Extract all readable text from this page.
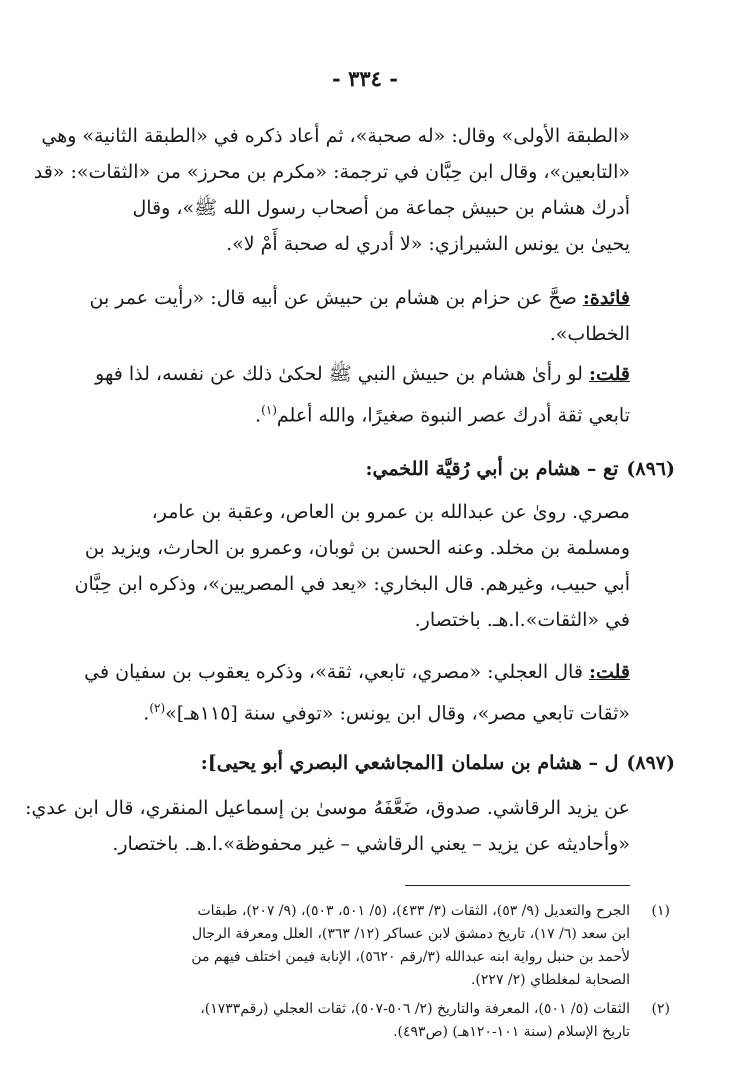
- ٣٣٤ -
«الطبقة الأولى» وقال: «له صحبة»، ثم أعاد ذكره في «الطبقة الثانية» وهي
«التابعين»، وقال ابن حِبَّان في ترجمة: «مكرم بن محرز» من «الثقات»: «قد
أدرك هشام بن حبيش جماعة من أصحاب رسول الله ﷺ»، وقال
يحيىٰ بن يونس الشيرازي: «لا أدري له صحبة أَمْ لا».
فائدة: صحَّ عن حزام بن هشام بن حبيش عن أبيه قال: «رأيت عمر بن
الخطاب».
قلت: لو رأىٰ هشام بن حبيش النبي ﷺ لحكىٰ ذلك عن نفسه، لذا فهو
تابعي ثقة أدرك عصر النبوة صغيرًا، والله أعلم$^{(١)}$.
(٨٩٦)تع – هشام بن أبي رُقيَّة اللخمي:
مصري. روىٰ عن عبدالله بن عمرو بن العاص، وعقبة بن عامر،
ومسلمة بن مخلد. وعنه الحسن بن ثوبان، وعمرو بن الحارث، ويزيد بن
أبي حبيب، وغيرهم. قال البخاري: «يعد في المصريين»، وذكره ابن حِبَّان
في «الثقات».ا.هـ. باختصار.
قلت: قال العجلي: «مصري، تابعي، ثقة»، وذكره يعقوب بن سفيان في
«ثقات تابعي مصر»، وقال ابن يونس: «توفي سنة [١١٥هـ]»$^{(٢)}$.
(٨٩٧)ل – هشام بن سلمان [المجاشعي البصري أبو يحيى]:
عن يزيد الرقاشي. صدوق، ضَعَّفَهُ موسىٰ بن إسماعيل المنقري، قال ابن عدي:
«وأحاديثه عن يزيد – يعني الرقاشي – غير محفوظة».ا.هـ. باختصار.
(١)
الجرح والتعديل (٩/ ٥٣)، الثقات (٣/ ٤٣٣)، (٥/ ٥٠١، ٥٠٣)، (٩/ ٢٠٧)، طبقات
ابن سعد (٦/ ١٧)، تاريخ دمشق لابن عساكر (١٢/ ٣٦٣)، العلل ومعرفة الرجال
لأحمد بن حنبل رواية ابنه عبدالله (٣/رقم ٥٦٢٠)، الإنابة فيمن اختلف فيهم من
الصحابة لمغلطاي (٢/ ٢٢٧).
(٢)
الثقات (٥/ ٥٠١)، المعرفة والتاريخ (٢/ ٥٠٦-٥٠٧)، ثقات العجلي (رقم١٧٣٣)،
تاريخ الإسلام (سنة ١٠١-١٢٠هـ) (ص٤٩٣).
